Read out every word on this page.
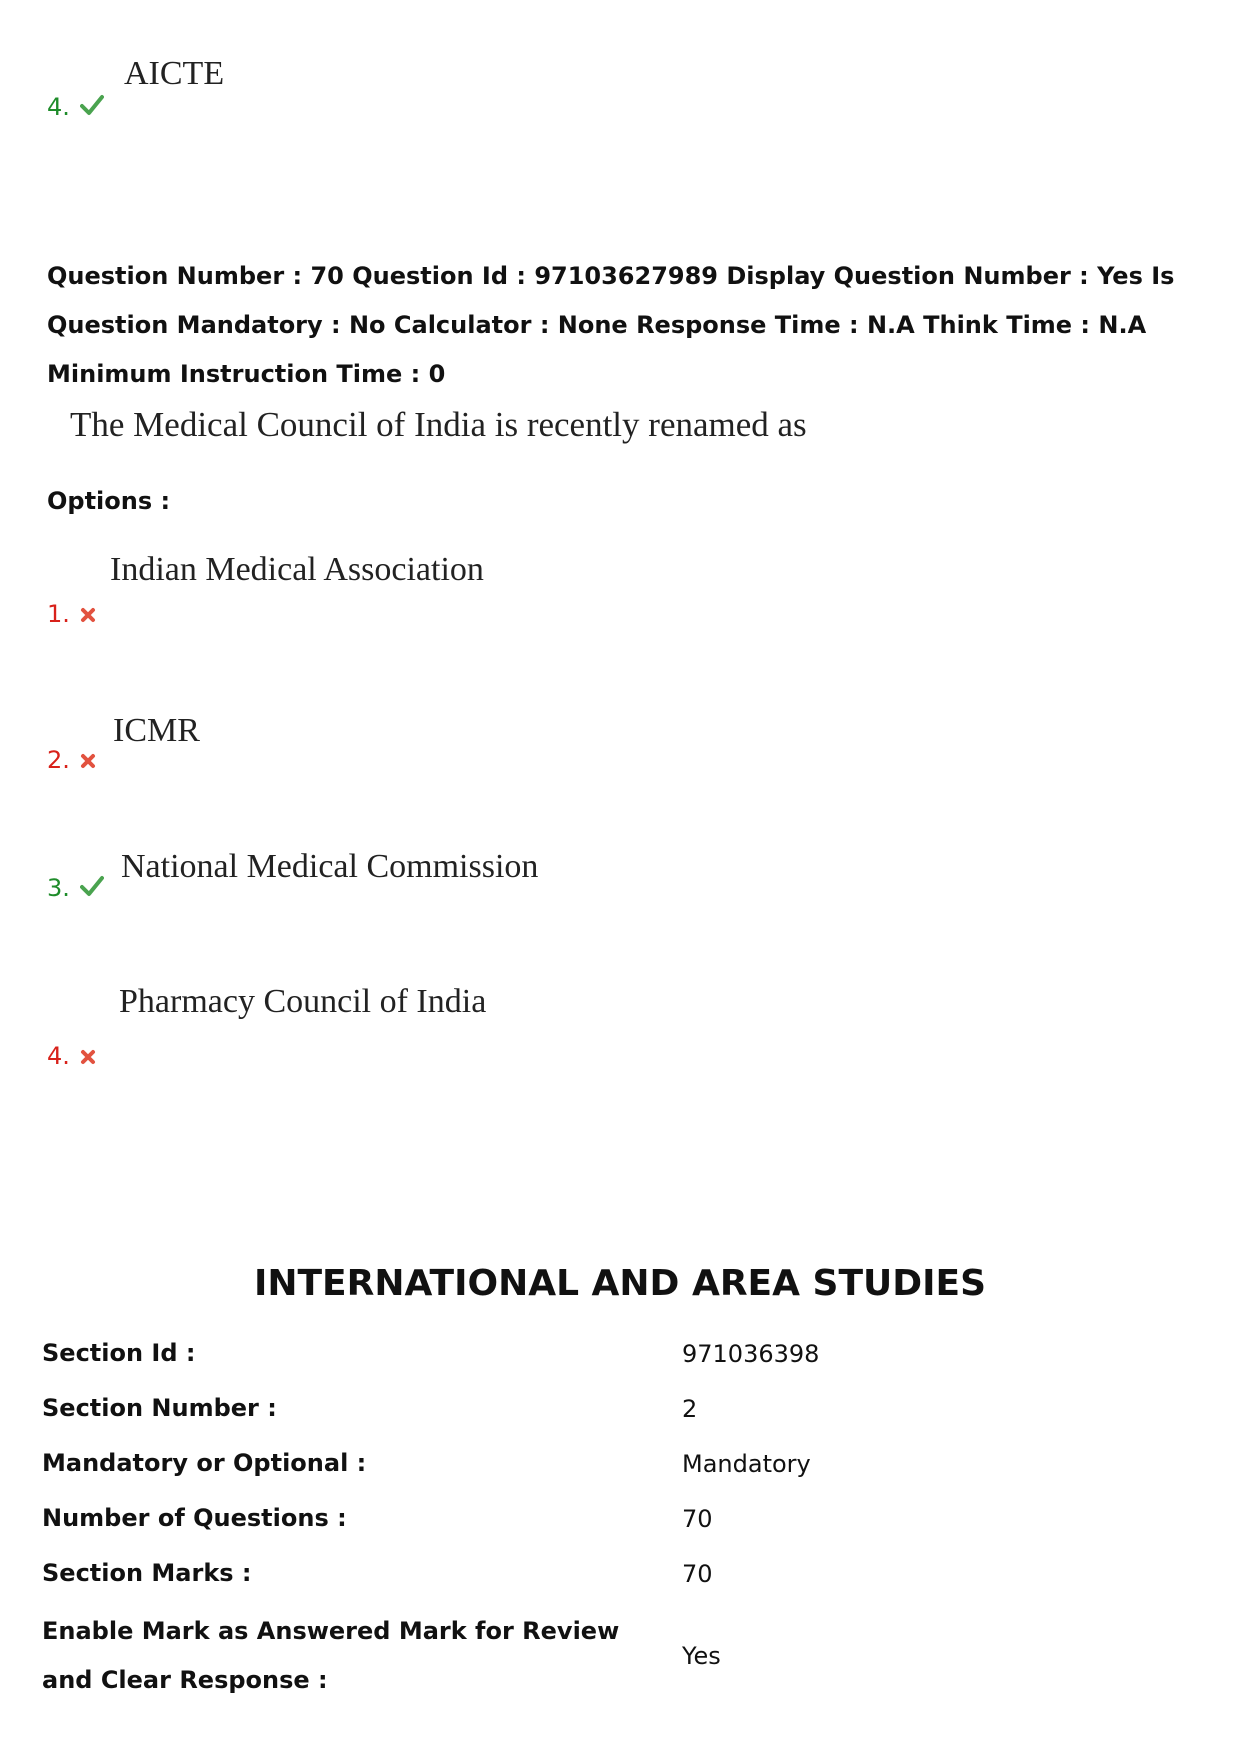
AICTE
4.
Question Number : 70 Question Id : 97103627989 Display Question Number : Yes Is Question Mandatory : No Calculator : None Response Time : N.A Think Time : N.A Minimum Instruction Time : 0
The Medical Council of India is recently renamed as
Options :
Indian Medical Association
1.
ICMR
2.
National Medical Commission
3.
Pharmacy Council of India
4.
INTERNATIONAL AND AREA STUDIES
Section Id :	971036398
Section Number :	2
Mandatory or Optional :	Mandatory
Number of Questions :	70
Section Marks :	70
Enable Mark as Answered Mark for Review and Clear Response :
Yes
